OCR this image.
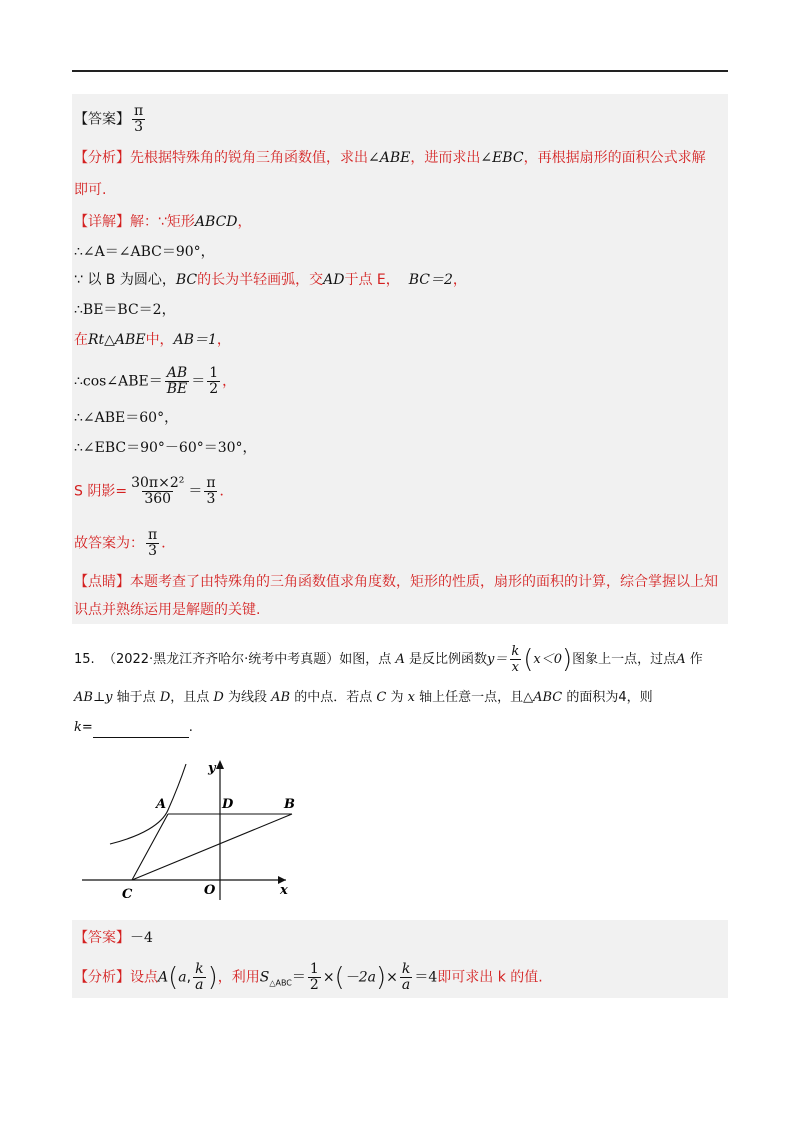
【答案】 $\frac{\pi}{3}$
【分析】先根据特殊角的锐角三角函数值，求出∠ABE，进而求出∠EBC，再根据扇形的面积公式求解
即可.
【详解】解：∵矩形ABCD，
∴∠A＝∠ABC＝90°，
∵ 以 B 为圆心，BC的长为半轻画弧，交AD于点 E， BC＝2，
∴BE＝BC＝2，
在Rt△ABE中，AB＝1，
∴cos∠ABE＝ $\frac{AB}{BE} = \frac{1}{2}$ ，
∴∠ABE＝60°，
∴∠EBC＝90°－60°＝30°，
S 阴影= $\frac{\text{30π×2²}}{360} = \frac{\pi}{3}$ ．
故答案为： $\frac{\pi}{3}$ ．
【点睛】本题考查了由特殊角的三角函数值求角度数，矩形的性质，扇形的面积的计算，综合掌握以上知
识点并熟练运用是解题的关键.
15. （2022·黑龙江齐齐哈尔·统考中考真题）如图，点 A 是反比例函数$y= \frac{k}{x} (x<0)$图象上一点，过点A 作
AB⊥y 轴于点 D，且点 D 为线段 AB 的中点．若点 C 为 x 轴上任意一点，且△ABC 的面积为4，则
k=	.
y
x
A	D	B
C	O
【答案】－4
【分析】设点A(a, $\frac{k}{a}$ )，利用$S_{\triangle ABC}= \frac{1}{2} \times(-2a)\times \frac{k}{a} =4$即可求出 k 的值.
